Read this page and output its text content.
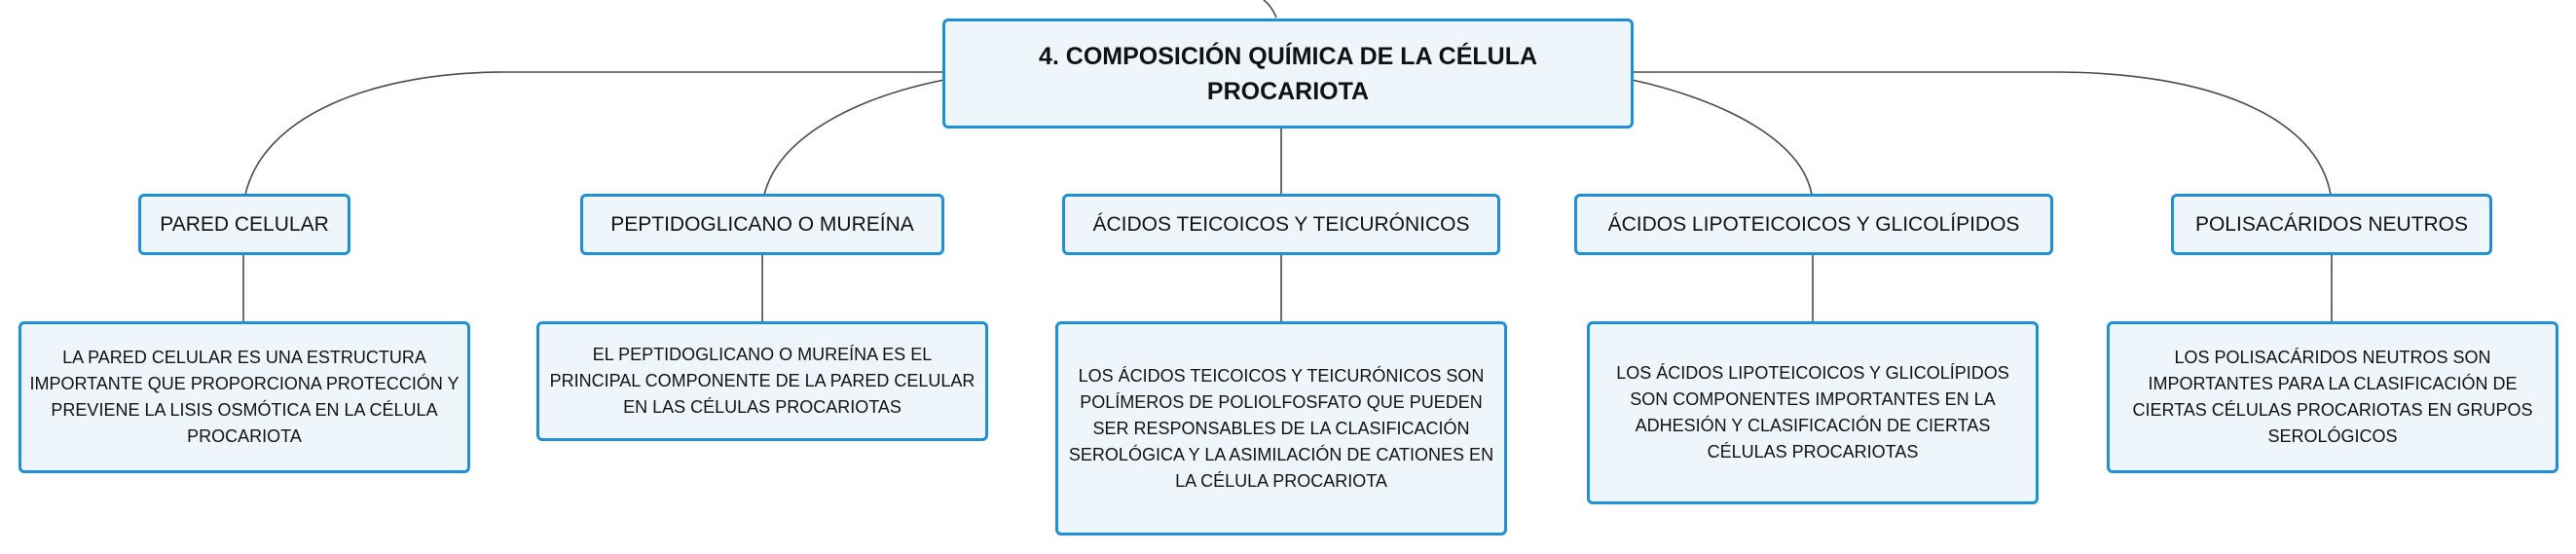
4. COMPOSICIÓN QUÍMICA DE LA CÉLULA PROCARIOTA
PARED CELULAR	PEPTIDOGLICANO O MUREÍNA	ÁCIDOS TEICOICOS Y TEICURÓNICOS	ÁCIDOS LIPOTEICOICOS Y GLICOLÍPIDOS	POLISACÁRIDOS NEUTROS
LA PARED CELULAR ES UNA ESTRUCTURA IMPORTANTE QUE PROPORCIONA PROTECCIÓN Y PREVIENE LA LISIS OSMÓTICA EN LA CÉLULA PROCARIOTA
EL PEPTIDOGLICANO O MUREÍNA ES EL PRINCIPAL COMPONENTE DE LA PARED CELULAR EN LAS CÉLULAS PROCARIOTAS
LOS ÁCIDOS TEICOICOS Y TEICURÓNICOS SON POLÍMEROS DE POLIOLFOSFATO QUE PUEDEN SER RESPONSABLES DE LA CLASIFICACIÓN SEROLÓGICA Y LA ASIMILACIÓN DE CATIONES EN LA CÉLULA PROCARIOTA
LOS ÁCIDOS LIPOTEICOICOS Y GLICOLÍPIDOS SON COMPONENTES IMPORTANTES EN LA ADHESIÓN Y CLASIFICACIÓN DE CIERTAS CÉLULAS PROCARIOTAS
LOS POLISACÁRIDOS NEUTROS SON IMPORTANTES PARA LA CLASIFICACIÓN DE CIERTAS CÉLULAS PROCARIOTAS EN GRUPOS SEROLÓGICOS
